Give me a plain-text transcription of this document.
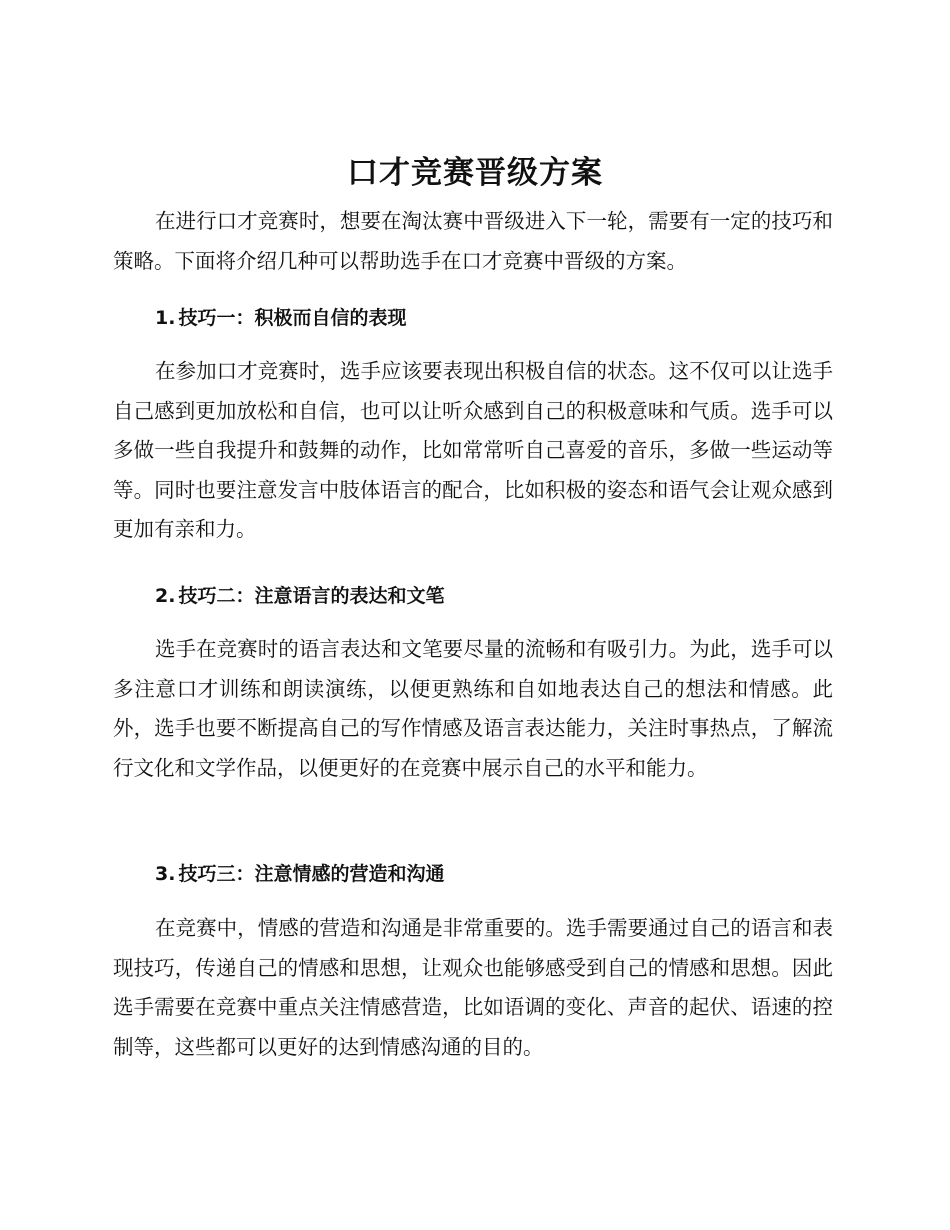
口才竞赛晋级方案

在进行口才竞赛时，想要在淘汰赛中晋级进入下一轮，需要有一定的技巧和策略。下面将介绍几种可以帮助选手在口才竞赛中晋级的方案。

1. 技巧一：积极而自信的表现

在参加口才竞赛时，选手应该要表现出积极自信的状态。这不仅可以让选手自己感到更加放松和自信，也可以让听众感到自己的积极意味和气质。选手可以多做一些自我提升和鼓舞的动作，比如常常听自己喜爱的音乐，多做一些运动等等。同时也要注意发言中肢体语言的配合，比如积极的姿态和语气会让观众感到更加有亲和力。

2. 技巧二：注意语言的表达和文笔

选手在竞赛时的语言表达和文笔要尽量的流畅和有吸引力。为此，选手可以多注意口才训练和朗读演练，以便更熟练和自如地表达自己的想法和情感。此外，选手也要不断提高自己的写作情感及语言表达能力，关注时事热点，了解流行文化和文学作品，以便更好的在竞赛中展示自己的水平和能力。

3. 技巧三：注意情感的营造和沟通

在竞赛中，情感的营造和沟通是非常重要的。选手需要通过自己的语言和表现技巧，传递自己的情感和思想，让观众也能够感受到自己的情感和思想。因此选手需要在竞赛中重点关注情感营造，比如语调的变化、声音的起伏、语速的控制等，这些都可以更好的达到情感沟通的目的。
